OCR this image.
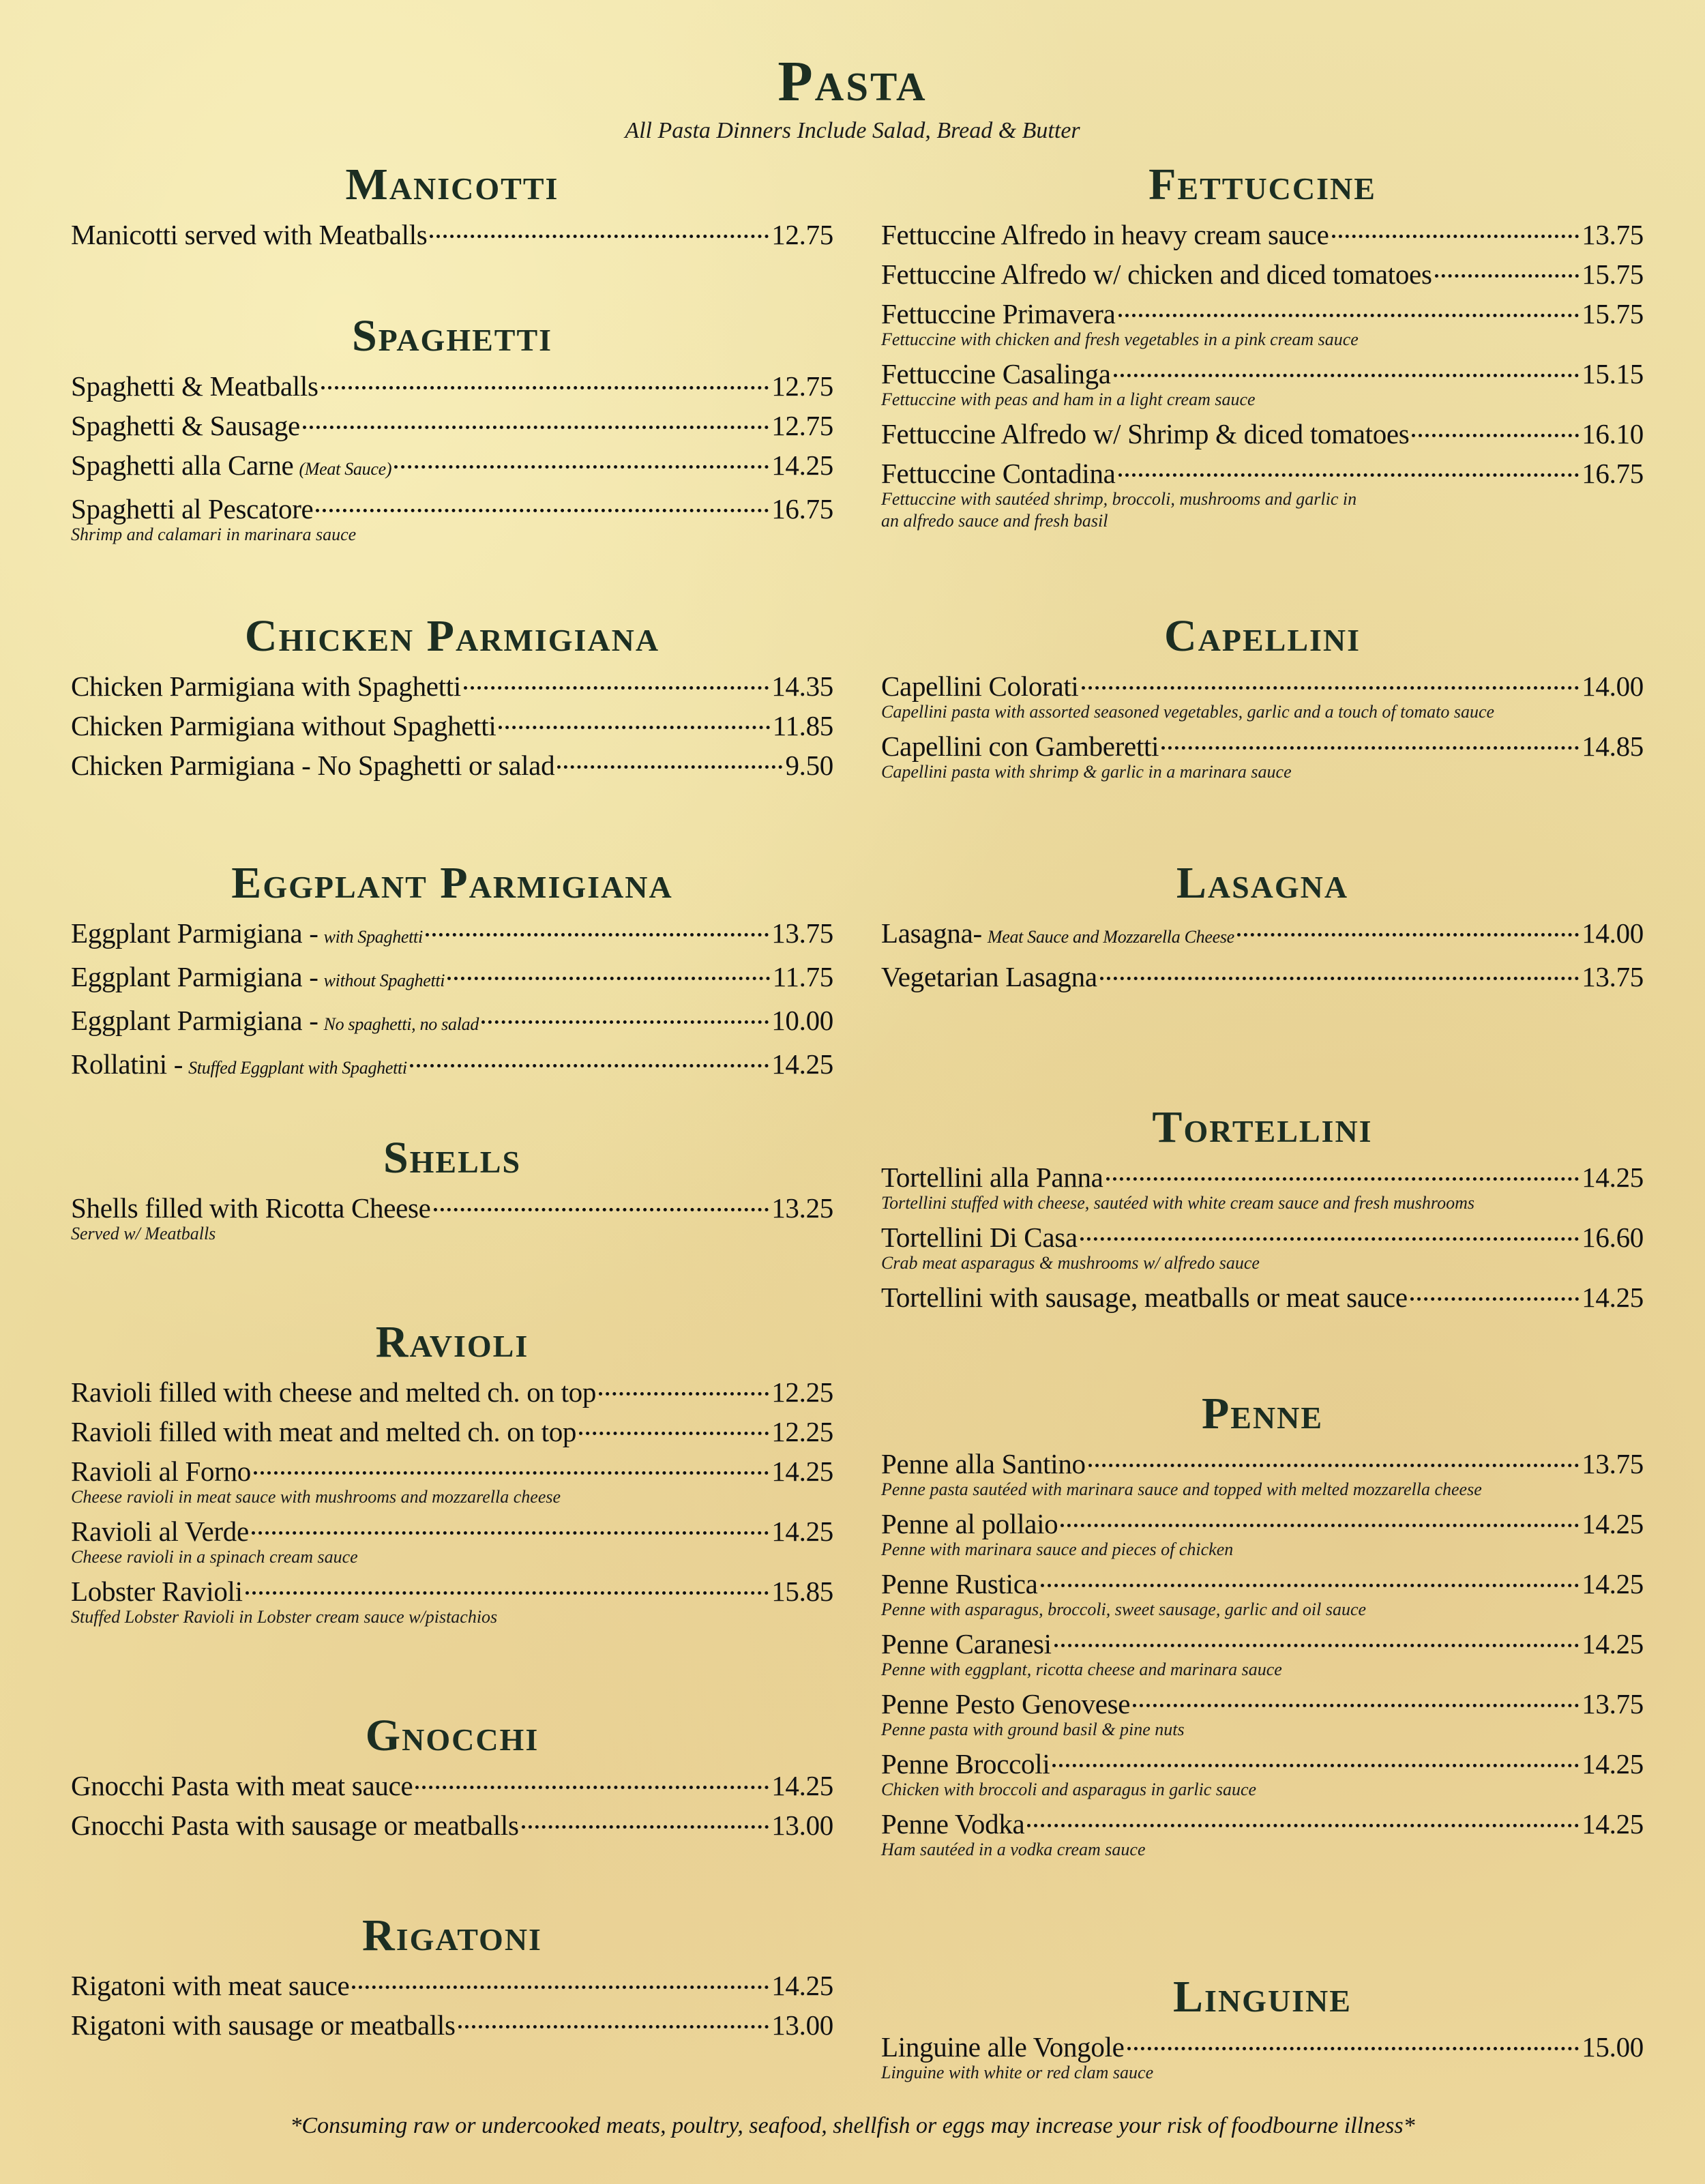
Pasta
All Pasta Dinners Include Salad, Bread & Butter
Manicotti
Manicotti served with Meatballs	12.75
Spaghetti
Spaghetti & Meatballs	12.75
Spaghetti & Sausage	12.75
Spaghetti alla Carne (Meat Sauce)	14.25
Spaghetti al Pescatore	16.75
Shrimp and calamari in marinara sauce
Chicken Parmigiana
Chicken Parmigiana with Spaghetti	14.35
Chicken Parmigiana without Spaghetti	11.85
Chicken Parmigiana - No Spaghetti or salad	9.50
Eggplant Parmigiana
Eggplant Parmigiana - with Spaghetti	13.75
Eggplant Parmigiana - without Spaghetti	11.75
Eggplant Parmigiana - No spaghetti, no salad	10.00
Rollatini - Stuffed Eggplant with Spaghetti	14.25
Shells
Shells filled with Ricotta Cheese	13.25
Served w/ Meatballs
Ravioli
Ravioli filled with cheese and melted ch. on top	12.25
Ravioli filled with meat and melted ch. on top	12.25
Ravioli al Forno	14.25
Cheese ravioli in meat sauce with mushrooms and mozzarella cheese
Ravioli al Verde	14.25
Cheese ravioli in a spinach cream sauce
Lobster Ravioli	15.85
Stuffed Lobster Ravioli in Lobster cream sauce w/pistachios
Gnocchi
Gnocchi Pasta with meat sauce	14.25
Gnocchi Pasta with sausage or meatballs	13.00
Rigatoni
Rigatoni with meat sauce	14.25
Rigatoni with sausage or meatballs	13.00
Fettuccine
Fettuccine Alfredo in heavy cream sauce	13.75
Fettuccine Alfredo w/ chicken and diced tomatoes	15.75
Fettuccine Primavera	15.75
Fettuccine with chicken and fresh vegetables in a pink cream sauce
Fettuccine Casalinga	15.15
Fettuccine with peas and ham in a light cream sauce
Fettuccine Alfredo w/ Shrimp & diced tomatoes	16.10
Fettuccine Contadina	16.75
Fettuccine with sautéed shrimp, broccoli, mushrooms and garlic in an alfredo sauce and fresh basil
Capellini
Capellini Colorati	14.00
Capellini pasta with assorted seasoned vegetables, garlic and a touch of tomato sauce
Capellini con Gamberetti	14.85
Capellini pasta with shrimp & garlic in a marinara sauce
Lasagna
Lasagna- Meat Sauce and Mozzarella Cheese	14.00
Vegetarian Lasagna	13.75
Tortellini
Tortellini alla Panna	14.25
Tortellini stuffed with cheese, sautéed with white cream sauce and fresh mushrooms
Tortellini Di Casa	16.60
Crab meat asparagus & mushrooms w/ alfredo sauce
Tortellini with sausage, meatballs or meat sauce	14.25
Penne
Penne alla Santino	13.75
Penne pasta sautéed with marinara sauce and topped with melted mozzarella cheese
Penne al pollaio	14.25
Penne with marinara sauce and pieces of chicken
Penne Rustica	14.25
Penne with asparagus, broccoli, sweet sausage, garlic and oil sauce
Penne Caranesi	14.25
Penne with eggplant, ricotta cheese and marinara sauce
Penne Pesto Genovese	13.75
Penne pasta with ground basil & pine nuts
Penne Broccoli	14.25
Chicken with broccoli and asparagus in garlic sauce
Penne Vodka	14.25
Ham sautéed in a vodka cream sauce
Linguine
Linguine alle Vongole	15.00
Linguine with white or red clam sauce
*Consuming raw or undercooked meats, poultry, seafood, shellfish or eggs may increase your risk of foodbourne illness*
